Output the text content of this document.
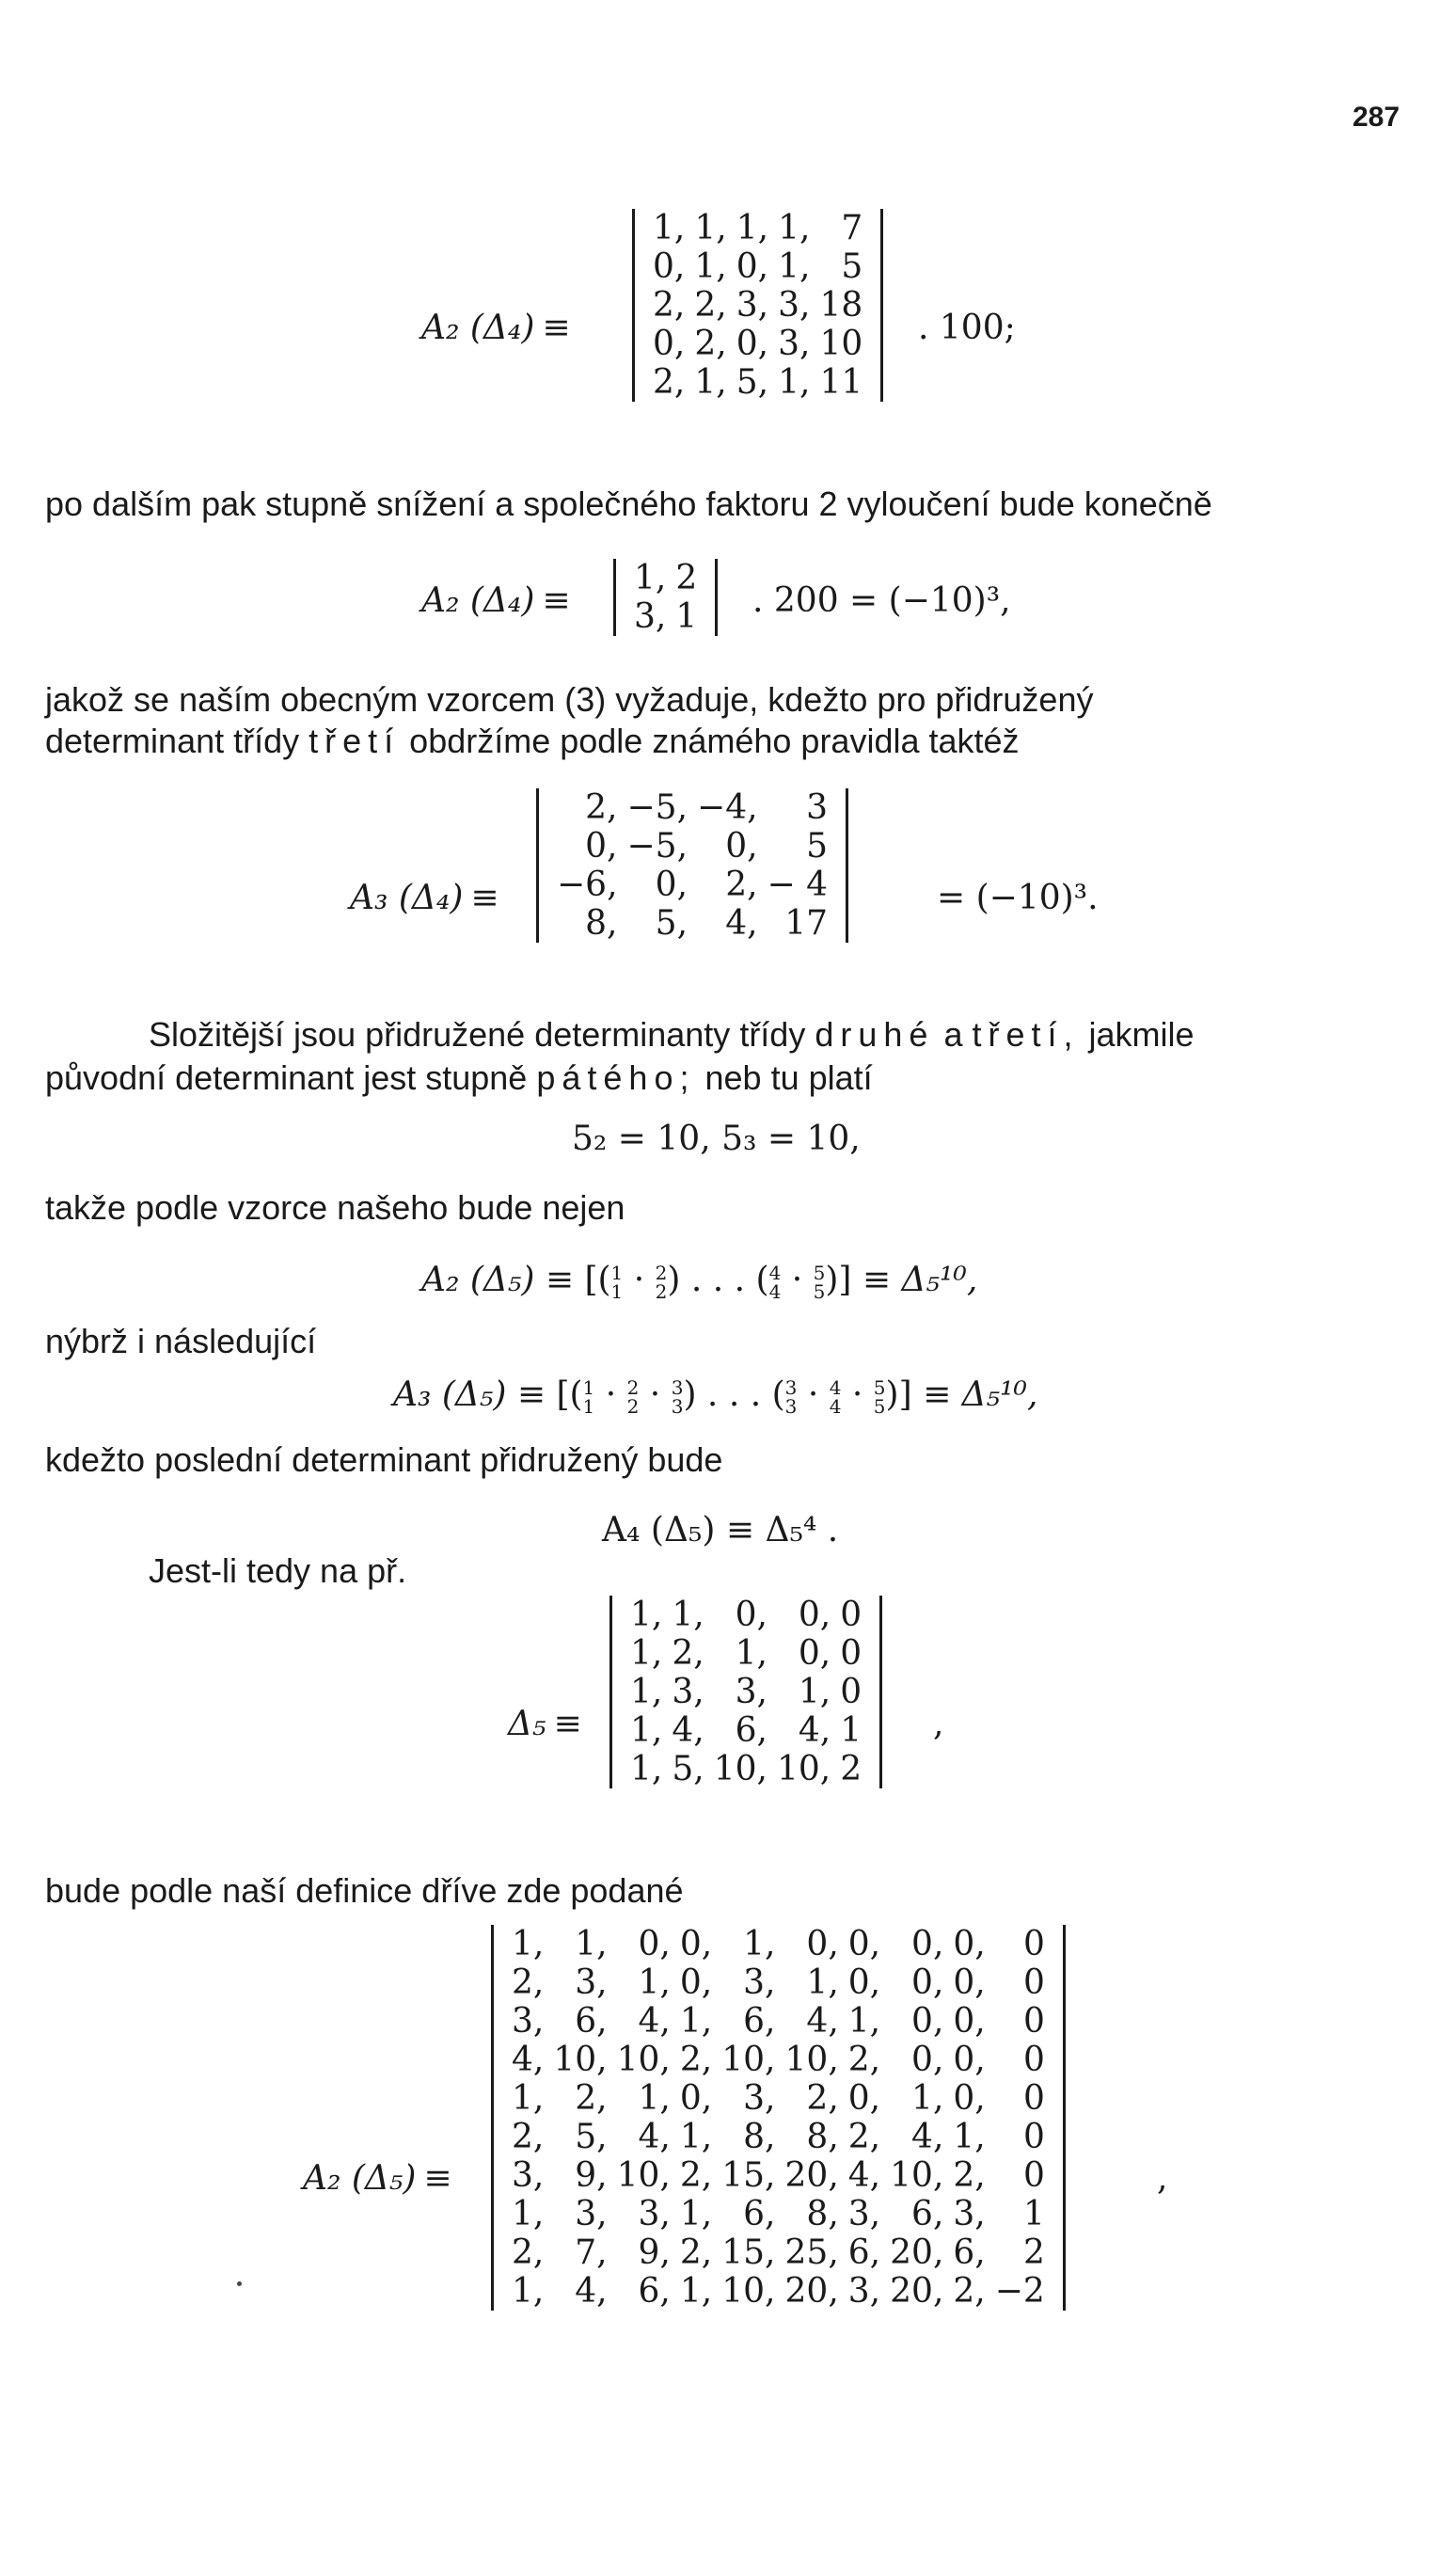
287
A₂ (Δ₄) ≡
1,	1,	1,	1,	7
0,	1,	0,	1,	5
2,	2,	3,	3,	18
0,	2,	0,	3,	10
2,	1,	5,	1,	11
. 100;
po dalším pak stupně snížení a společného faktoru 2 vyloučení bude konečně
A₂ (Δ₄) ≡
1,	2
3,	1 . 200 = (−10)³,
jakož se naším obecným vzorcem (3) vyžaduje, kdežto pro přidružený
determinant třídy třetí obdržíme podle známého pravidla taktéž
A₃ (Δ₄) ≡
2,	−5,	−4,	3
0,	−5,	0,	5
−6,	0,	2,	− 4
8,	5,	4,	17
= (−10)³.
Složitější jsou přidružené determinanty třídy druhé a třetí, jakmile
původní determinant jest stupně pátého; neb tu platí
5₂ = 10, 5₃ = 10,
takže podle vzorce našeho bude nejen
A₂ (Δ₅) ≡ [(1
1 · 2
2) . . . (4
4 · 5
5)] ≡ Δ₅¹⁰,
nýbrž i následující
A₃ (Δ₅) ≡ [(1
1 · 2
2 · 3
3) . . . (3
3 · 4
4 · 5
5)] ≡ Δ₅¹⁰,
kdežto poslední determinant přidružený bude
A₄ (Δ₅) ≡ Δ₅⁴ .
Jest-li tedy na př.
Δ₅ ≡
1,	1,	0,	0,	0
1,	2,	1,	0,	0
1,	3,	3,	1,	0
1,	4,	6,	4,	1
1,	5,	10,	10,	2
,
bude podle naší definice dříve zde podané
A₂ (Δ₅) ≡
1,	1,	0,	0,	1,	0,	0,	0,	0,	0
2,	3,	1,	0,	3,	1,	0,	0,	0,	0
3,	6,	4,	1,	6,	4,	1,	0,	0,	0
4,	10,	10,	2,	10,	10,	2,	0,	0,	0
1,	2,	1,	0,	3,	2,	0,	1,	0,	0
2,	5,	4,	1,	8,	8,	2,	4,	1,	0
3,	9,	10,	2,	15,	20,	4,	10,	2,	0
1,	3,	3,	1,	6,	8,	3,	6,	3,	1
2,	7,	9,	2,	15,	25,	6,	20,	6,	2
1,	4,	6,	1,	10,	20,	3,	20,	2,	−2
,
